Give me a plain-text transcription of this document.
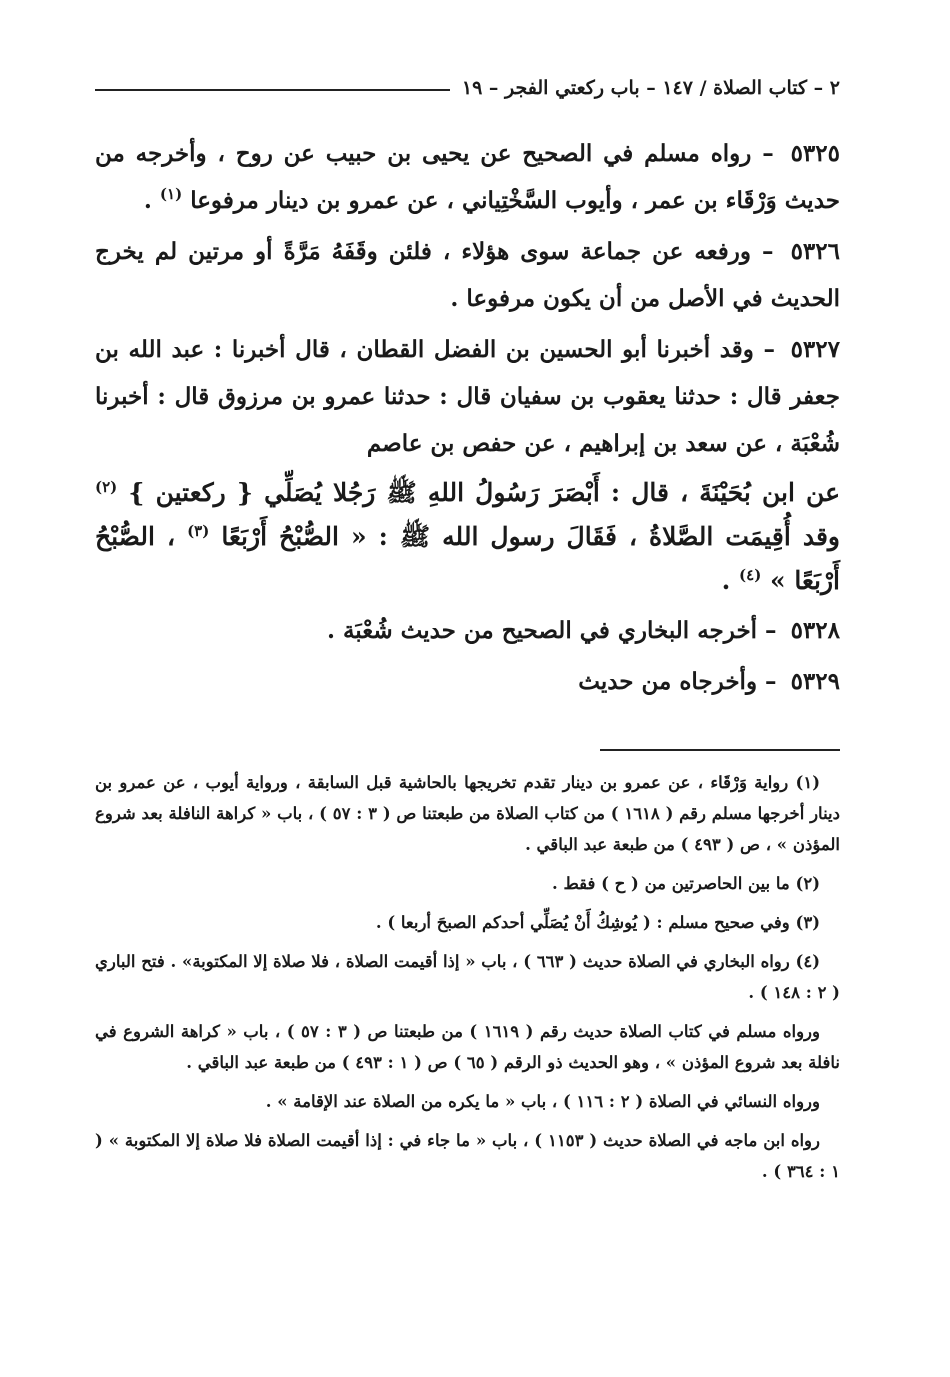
٢ – كتاب الصلاة / ١٤٧ – باب ركعتي الفجر – ١٩

٥٣٢٥ – رواه مسلم في الصحيح عن يحيى بن حبيب عن روح ، وأخرجه من حديث وَرْقَاء بن عمر ، وأيوب السَّخْتِياني ، عن عمرو بن دينار مرفوعا $^{(١)}$ .

٥٣٢٦ – ورفعه عن جماعة سوى هؤلاء ، فلئن وقَفَهُ مَرَّةً أو مرتين لم يخرج الحديث في الأصل من أن يكون مرفوعا .

٥٣٢٧ – وقد أخبرنا أبو الحسين بن الفضل القطان ، قال أخبرنا : عبد الله بن جعفر قال : حدثنا يعقوب بن سفيان قال : حدثنا عمرو بن مرزوق قال : أخبرنا شُعْبَة ، عن سعد بن إبراهيم ، عن حفص بن عاصم

عن ابن بُحَيْنَةَ ، قال : أَبْصَرَ رَسُولُ اللهِ ﷺ رَجُلا يُصَلِّي { ركعتين } $^{(٢)}$ وقد أُقِيمَت الصَّلاةُ ، فَقَالَ رسول الله ﷺ : « الصُّبْحُ أَرْبَعًا $^{(٣)}$ ، الصُّبْحُ أَرْبَعًا » $^{(٤)}$ .

٥٣٢٨ – أخرجه البخاري في الصحيح من حديث شُعْبَة .

٥٣٢٩ – وأخرجاه من حديث

(١) رواية وَرْقَاء ، عن عمرو بن دينار تقدم تخريجها بالحاشية قبل السابقة ، ورواية أيوب ، عن عمرو بن دينار أخرجها مسلم رقم ( ١٦١٨ ) من كتاب الصلاة من طبعتنا ص ( ٣ : ٥٧ ) ، باب « كراهة النافلة بعد شروع المؤذن » ، ص ( ٤٩٣ ) من طبعة عبد الباقي .

(٢) ما بين الحاصرتين من ( ح ) فقط .

(٣) وفي صحيح مسلم : ( يُوشِكُ أَنْ يُصَلِّي أحدكم الصبحَ أربعا ) .

(٤) رواه البخاري في الصلاة حديث ( ٦٦٣ ) ، باب « إذا أقيمت الصلاة ، فلا صلاة إلا المكتوبة» . فتح الباري ( ٢ : ١٤٨ ) .

ورواه مسلم في كتاب الصلاة حديث رقم ( ١٦١٩ ) من طبعتنا ص ( ٣ : ٥٧ ) ، باب « كراهة الشروع في نافلة بعد شروع المؤذن » ، وهو الحديث ذو الرقم ( ٦٥ ) ص ( ١ : ٤٩٣ ) من طبعة عبد الباقي .

ورواه النسائي في الصلاة ( ٢ : ١١٦ ) ، باب « ما يكره من الصلاة عند الإقامة » .

رواه ابن ماجه في الصلاة حديث ( ١١٥٣ ) ، باب « ما جاء في : إذا أقيمت الصلاة فلا صلاة إلا المكتوبة » ( ١ : ٣٦٤ ) .
